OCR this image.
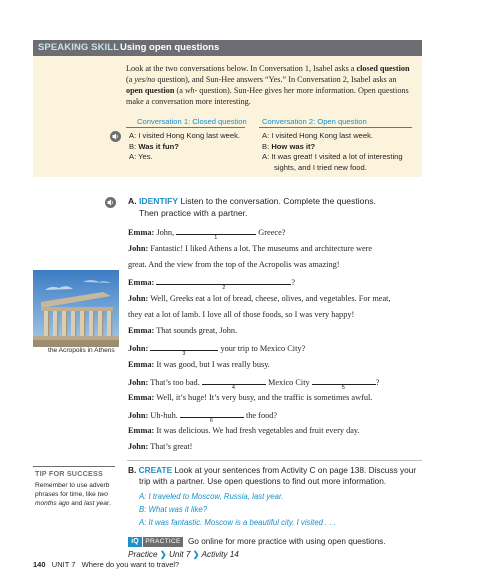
SPEAKING SKILL Using open questions
Look at the two conversations below. In Conversation 1, Isabel asks a closed question (a yes/no question), and Sun-Hee answers “Yes.” In Conversation 2, Isabel asks an open question (a wh- question). Sun-Hee gives her more information. Open questions make a conversation more interesting.
Conversation 1: Closed question Conversation 2: Open question
A: I visited Hong Kong last week.
B: Was it fun?
A: Yes.
A: I visited Hong Kong last week.
B: How was it?
A: It was great! I visited a lot of interesting
sights, and I tried new food.
A. IDENTIFY Listen to the conversation. Complete the questions.
Then practice with a partner.
Emma: John,
1
Greece?
John: Fantastic! I liked Athens a lot. The museums and architecture were
great. And the view from the top of the Acropolis was amazing!
Emma:
2
?
John: Well, Greeks eat a lot of bread, cheese, olives, and vegetables. For meat,
they eat a lot of lamb. I love all of those foods, so I was very happy!
Emma: That sounds great, John.
John:
3
your trip to Mexico City?
Emma: It was good, but I was really busy.
John: That’s too bad.
4
Mexico City
5
?
Emma: Well, it’s huge! It’s very busy, and the traffic is sometimes awful.
John: Uh-huh.
6
the food?
Emma: It was delicious. We had fresh vegetables and fruit every day.
John: That’s great!
the Acropolis in Athens
TIP FOR SUCCESS
Remember to use adverb phrases for time, like two months ago and last year.
B. CREATE Look at your sentences from Activity C on page 138. Discuss your
trip with a partner. Use open questions to find out more information.
A: I traveled to Moscow, Russia, last year.
B: What was it like?
A: It was fantastic. Moscow is a beautiful city. I visited . . .
iQ	PRACTICE Go online for more practice with using open questions.
Practice ❯ Unit 7 ❯ Activity 14
140 UNIT 7 Where do you want to travel?
